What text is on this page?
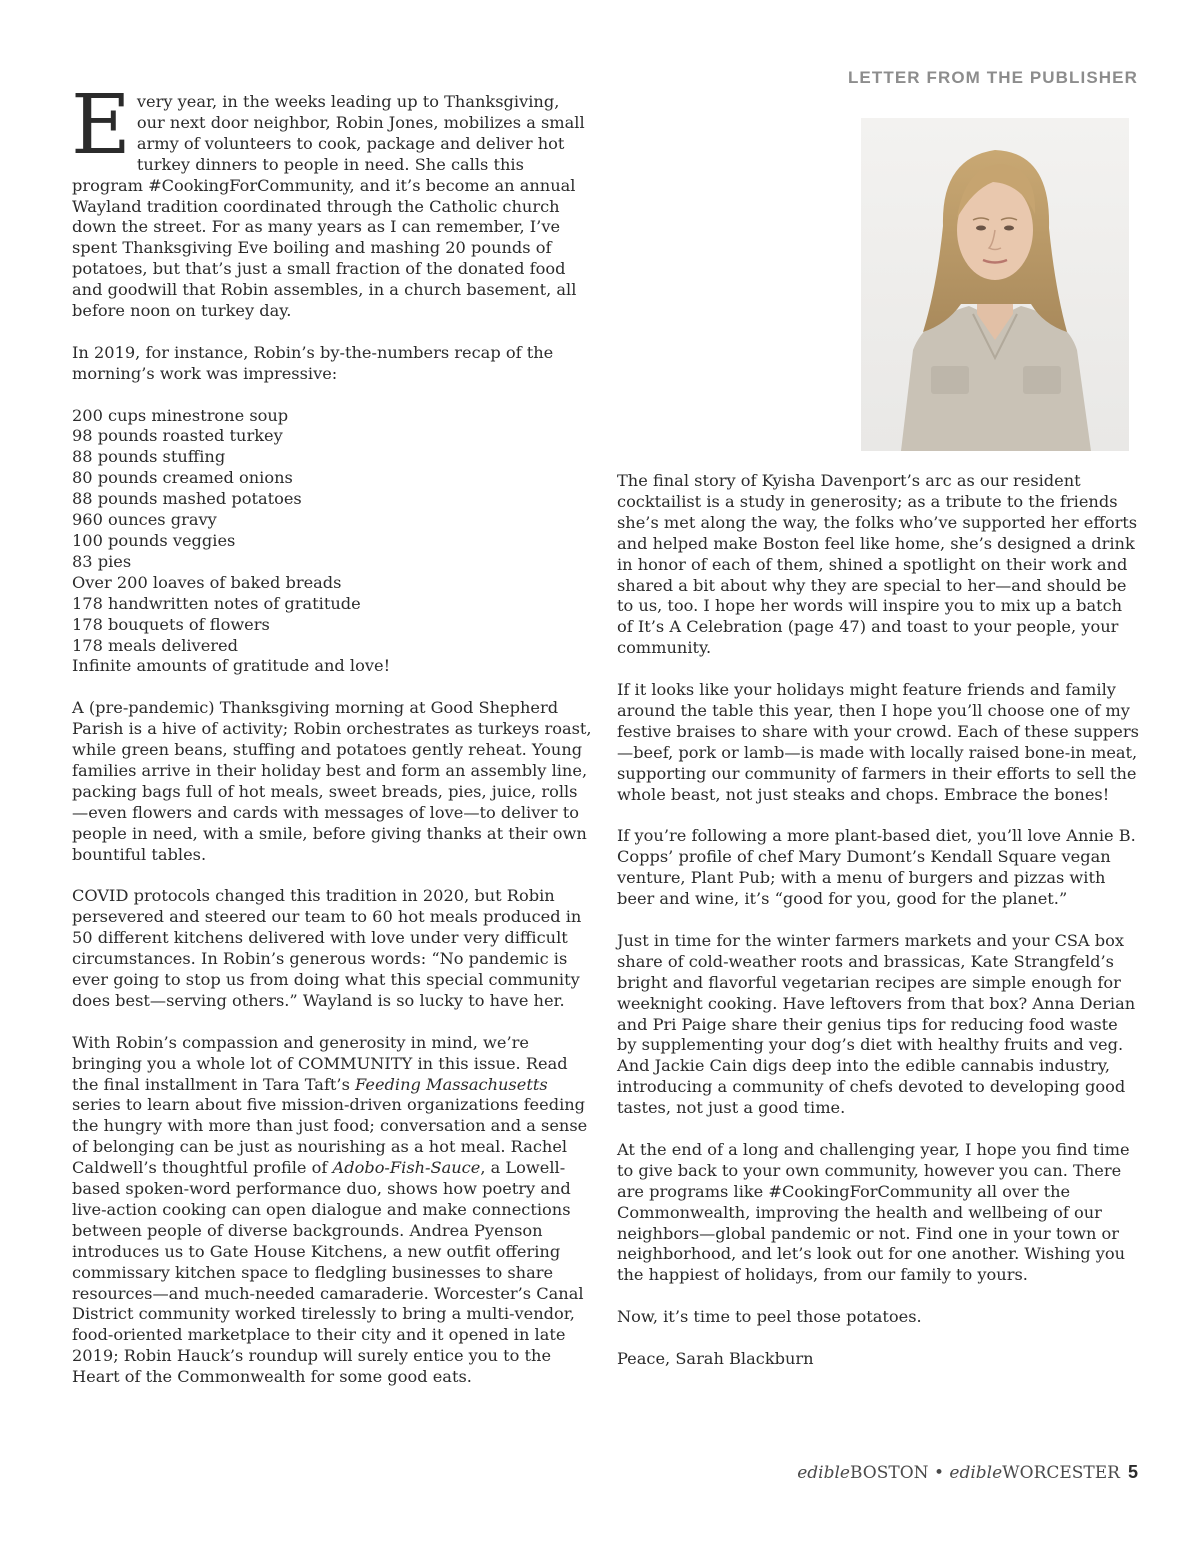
LETTER FROM THE PUBLISHER

Every year, in the weeks leading up to Thanksgiving, our next door neighbor, Robin Jones, mobilizes a small army of volunteers to cook, package and deliver hot turkey dinners to people in need. She calls this program #CookingForCommunity, and it’s become an annual Wayland tradition coordinated through the Catholic church down the street. For as many years as I can remember, I’ve spent Thanksgiving Eve boiling and mashing 20 pounds of potatoes, but that’s just a small fraction of the donated food and goodwill that Robin assembles, in a church basement, all before noon on turkey day.

In 2019, for instance, Robin’s by-the-numbers recap of the morning’s work was impressive:

200 cups minestrone soup
98 pounds roasted turkey
88 pounds stuffing
80 pounds creamed onions
88 pounds mashed potatoes
960 ounces gravy
100 pounds veggies
83 pies
Over 200 loaves of baked breads
178 handwritten notes of gratitude
178 bouquets of flowers
178 meals delivered
Infinite amounts of gratitude and love!

A (pre-pandemic) Thanksgiving morning at Good Shepherd Parish is a hive of activity; Robin orchestrates as turkeys roast, while green beans, stuffing and potatoes gently reheat. Young families arrive in their holiday best and form an assembly line, packing bags full of hot meals, sweet breads, pies, juice, rolls—even flowers and cards with messages of love—to deliver to people in need, with a smile, before giving thanks at their own bountiful tables.

COVID protocols changed this tradition in 2020, but Robin persevered and steered our team to 60 hot meals produced in 50 different kitchens delivered with love under very difficult circumstances. In Robin’s generous words: “No pandemic is ever going to stop us from doing what this special community does best—serving others.” Wayland is so lucky to have her.

With Robin’s compassion and generosity in mind, we’re bringing you a whole lot of COMMUNITY in this issue. Read the final installment in Tara Taft’s Feeding Massachusetts series to learn about five mission-driven organizations feeding the hungry with more than just food; conversation and a sense of belonging can be just as nourishing as a hot meal. Rachel Caldwell’s thoughtful profile of Adobo-Fish-Sauce, a Lowell-based spoken-word performance duo, shows how poetry and live-action cooking can open dialogue and make connections between people of diverse backgrounds. Andrea Pyenson introduces us to Gate House Kitchens, a new outfit offering commissary kitchen space to fledgling businesses to share resources—and much-needed camaraderie. Worcester’s Canal District community worked tirelessly to bring a multi-vendor, food-oriented marketplace to their city and it opened in late 2019; Robin Hauck’s roundup will surely entice you to the Heart of the Commonwealth for some good eats.

The final story of Kyisha Davenport’s arc as our resident cocktailist is a study in generosity; as a tribute to the friends she’s met along the way, the folks who’ve supported her efforts and helped make Boston feel like home, she’s designed a drink in honor of each of them, shined a spotlight on their work and shared a bit about why they are special to her—and should be to us, too. I hope her words will inspire you to mix up a batch of It’s A Celebration (page 47) and toast to your people, your community.

If it looks like your holidays might feature friends and family around the table this year, then I hope you’ll choose one of my festive braises to share with your crowd. Each of these suppers—beef, pork or lamb—is made with locally raised bone-in meat, supporting our community of farmers in their efforts to sell the whole beast, not just steaks and chops. Embrace the bones!

If you’re following a more plant-based diet, you’ll love Annie B. Copps’ profile of chef Mary Dumont’s Kendall Square vegan venture, Plant Pub; with a menu of burgers and pizzas with beer and wine, it’s “good for you, good for the planet.”

Just in time for the winter farmers markets and your CSA box share of cold-weather roots and brassicas, Kate Strangfeld’s bright and flavorful vegetarian recipes are simple enough for weeknight cooking. Have leftovers from that box? Anna Derian and Pri Paige share their genius tips for reducing food waste by supplementing your dog’s diet with healthy fruits and veg. And Jackie Cain digs deep into the edible cannabis industry, introducing a community of chefs devoted to developing good tastes, not just a good time.

At the end of a long and challenging year, I hope you find time to give back to your own community, however you can. There are programs like #CookingForCommunity all over the Commonwealth, improving the health and wellbeing of our neighbors—global pandemic or not. Find one in your town or neighborhood, and let’s look out for one another. Wishing you the happiest of holidays, from our family to yours.

Now, it’s time to peel those potatoes.

Peace, Sarah Blackburn

edibleBOSTON • edibleWORCESTER 5
